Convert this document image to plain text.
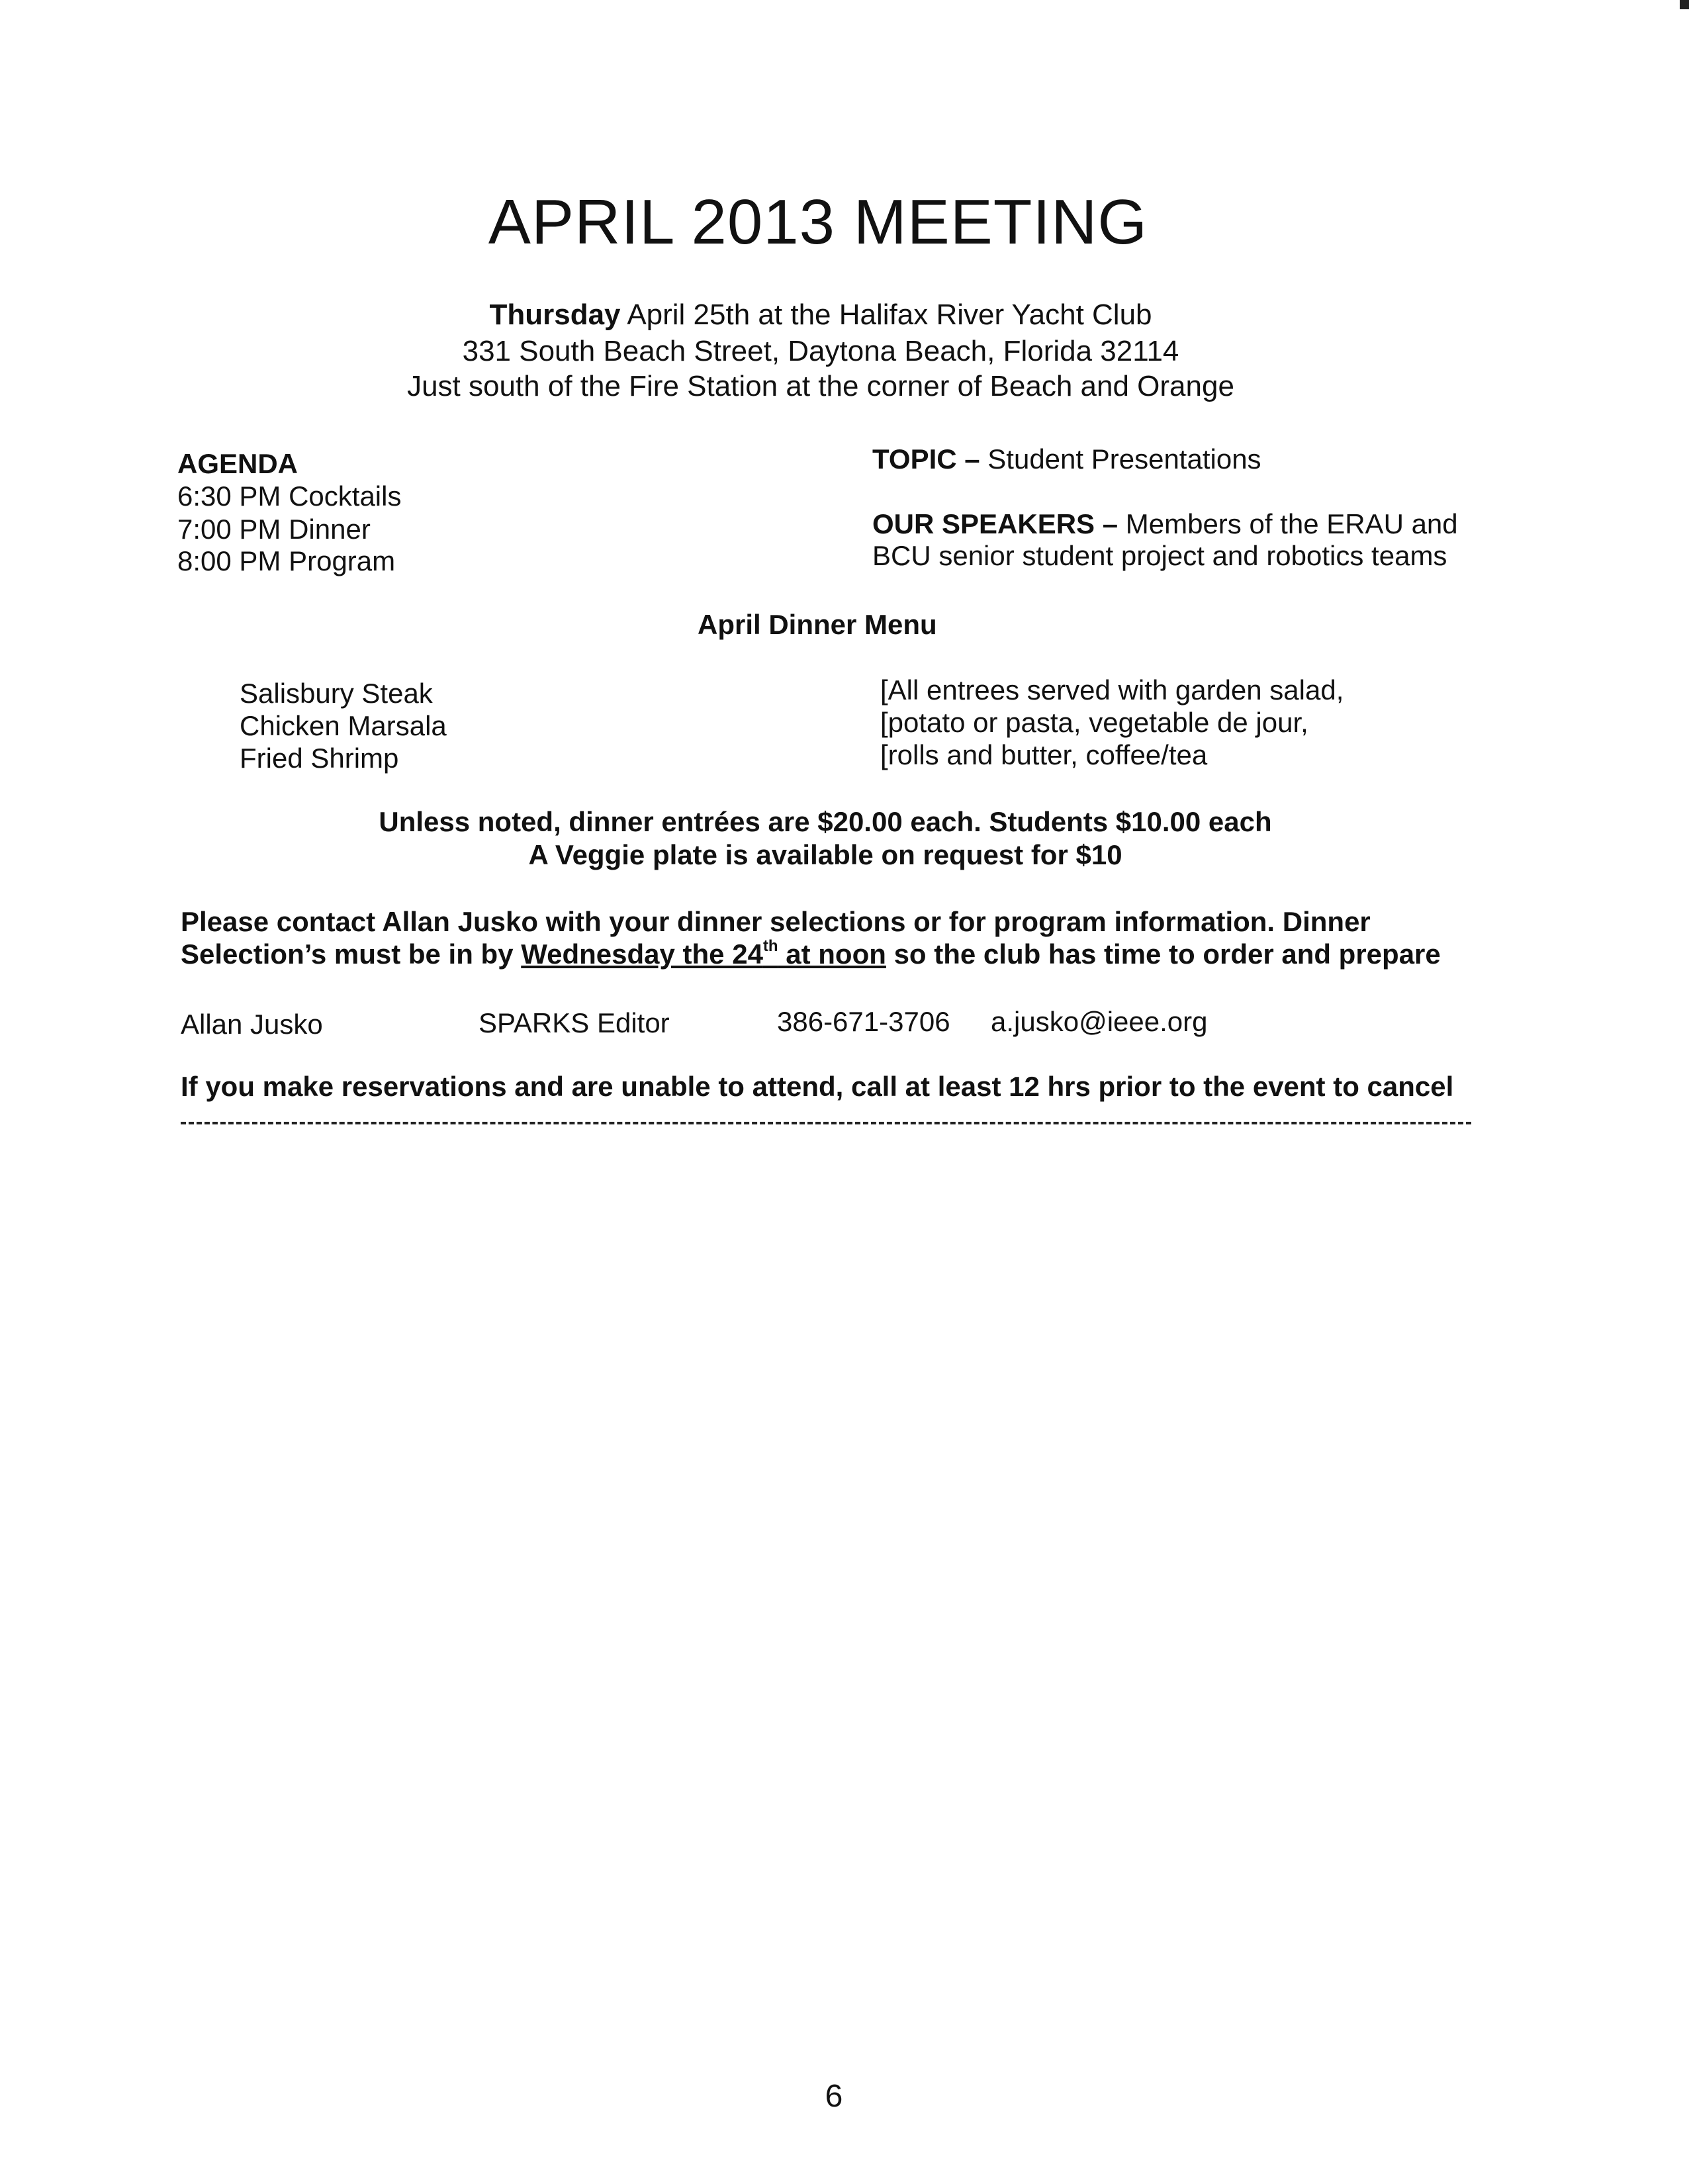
APRIL 2013 MEETING
Thursday April 25th at the Halifax River Yacht Club
331 South Beach Street, Daytona Beach, Florida 32114
Just south of the Fire Station at the corner of Beach and Orange
AGENDA
6:30 PM Cocktails
7:00 PM Dinner
8:00 PM Program
TOPIC – Student Presentations
OUR SPEAKERS – Members of the ERAU and
BCU senior student project and robotics teams
April Dinner Menu
Salisbury Steak
Chicken Marsala
Fried Shrimp
[All entrees served with garden salad,
[potato or pasta, vegetable de jour,
[rolls and butter, coffee/tea
Unless noted, dinner entrées are $20.00 each. Students $10.00 each
A Veggie plate is available on request for $10
Please contact Allan Jusko with your dinner selections or for program information. Dinner
Selection’s must be in by Wednesday the 24th at noon so the club has time to order and prepare
Allan Jusko	SPARKS Editor	386-671-3706 a.jusko@ieee.org
If you make reservations and are unable to attend, call at least 12 hrs prior to the event to cancel
6
